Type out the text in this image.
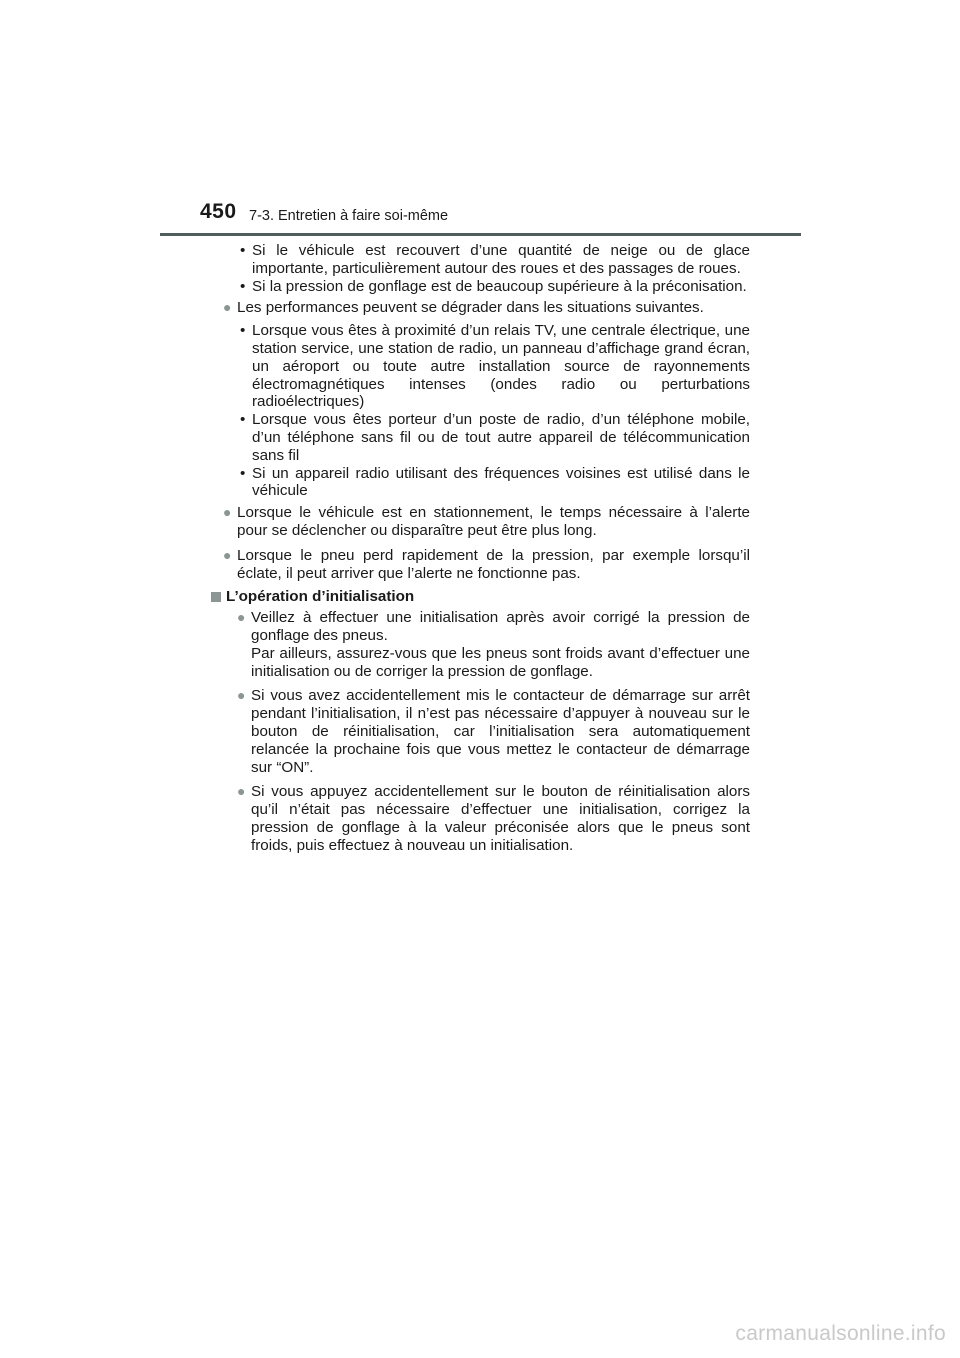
450 7-3. Entretien à faire soi-même
• Si le véhicule est recouvert d’une quantité de neige ou de glace importante, particulièrement autour des roues et des passages de roues.
• Si la pression de gonflage est de beaucoup supérieure à la préconisation.
● Les performances peuvent se dégrader dans les situations suivantes.
• Lorsque vous êtes à proximité d’un relais TV, une centrale électrique, une station service, une station de radio, un panneau d’affichage grand écran, un aéroport ou toute autre installation source de rayonnements électromagnétiques intenses (ondes radio ou perturbations radioélectriques)
• Lorsque vous êtes porteur d’un poste de radio, d’un téléphone mobile, d’un téléphone sans fil ou de tout autre appareil de télécommunication sans fil
• Si un appareil radio utilisant des fréquences voisines est utilisé dans le véhicule
● Lorsque le véhicule est en stationnement, le temps nécessaire à l’alerte pour se déclencher ou disparaître peut être plus long.
● Lorsque le pneu perd rapidement de la pression, par exemple lorsqu’il éclate, il peut arriver que l’alerte ne fonctionne pas.
L’opération d’initialisation
● Veillez à effectuer une initialisation après avoir corrigé la pression de gonflage des pneus.
Par ailleurs, assurez-vous que les pneus sont froids avant d’effectuer une initialisation ou de corriger la pression de gonflage.
● Si vous avez accidentellement mis le contacteur de démarrage sur arrêt pendant l’initialisation, il n’est pas nécessaire d’appuyer à nouveau sur le bouton de réinitialisation, car l’initialisation sera automatiquement relancée la prochaine fois que vous mettez le contacteur de démarrage sur “ON”.
● Si vous appuyez accidentellement sur le bouton de réinitialisation alors qu’il n’était pas nécessaire d’effectuer une initialisation, corrigez la pression de gonflage à la valeur préconisée alors que le pneus sont froids, puis effectuez à nouveau un initialisation.
carmanualsonline.info
